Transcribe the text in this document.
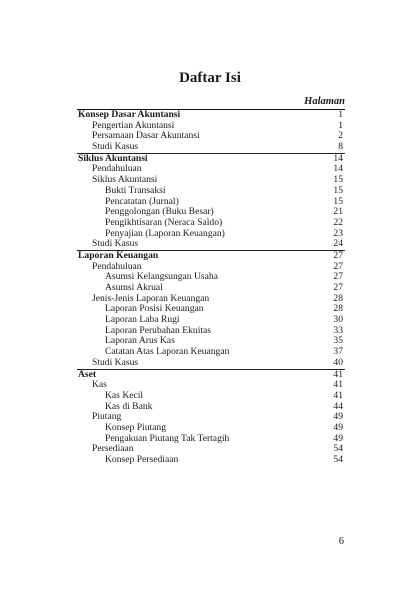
Daftar Isi
Halaman
Konsep Dasar Akuntansi	1
Pengertian Akuntansi	1
Persamaan Dasar Akuntansi	2
Studi Kasus	8
Siklus Akuntansi	14
Pendahuluan	14
Siklus Akuntansi	15
Bukti Transaksi	15
Pencatatan (Jurnal)	15
Penggolongan (Buku Besar)	21
Pengikhtisaran (Neraca Saldo)	22
Penyajian (Laporan Keuangan)	23
Studi Kasus	24
Laporan Keuangan	27
Pendahuluan	27
Asumsi Kelangsungan Usaha	27
Asumsi Akrual	27
Jenis-Jenis Laporan Keuangan	28
Laporan Posisi Keuangan	28
Laporan Laba Rugi	30
Laporan Perubahan Ekuitas	33
Laporan Arus Kas	35
Catatan Atas Laporan Keuangan	37
Studi Kasus	40
Aset	41
Kas	41
Kas Kecil	41
Kas di Bank	44
Piutang	49
Konsep Piutang	49
Pengakuan Piutang Tak Tertagih	49
Persediaan	54
Konsep Persediaan	54
6
